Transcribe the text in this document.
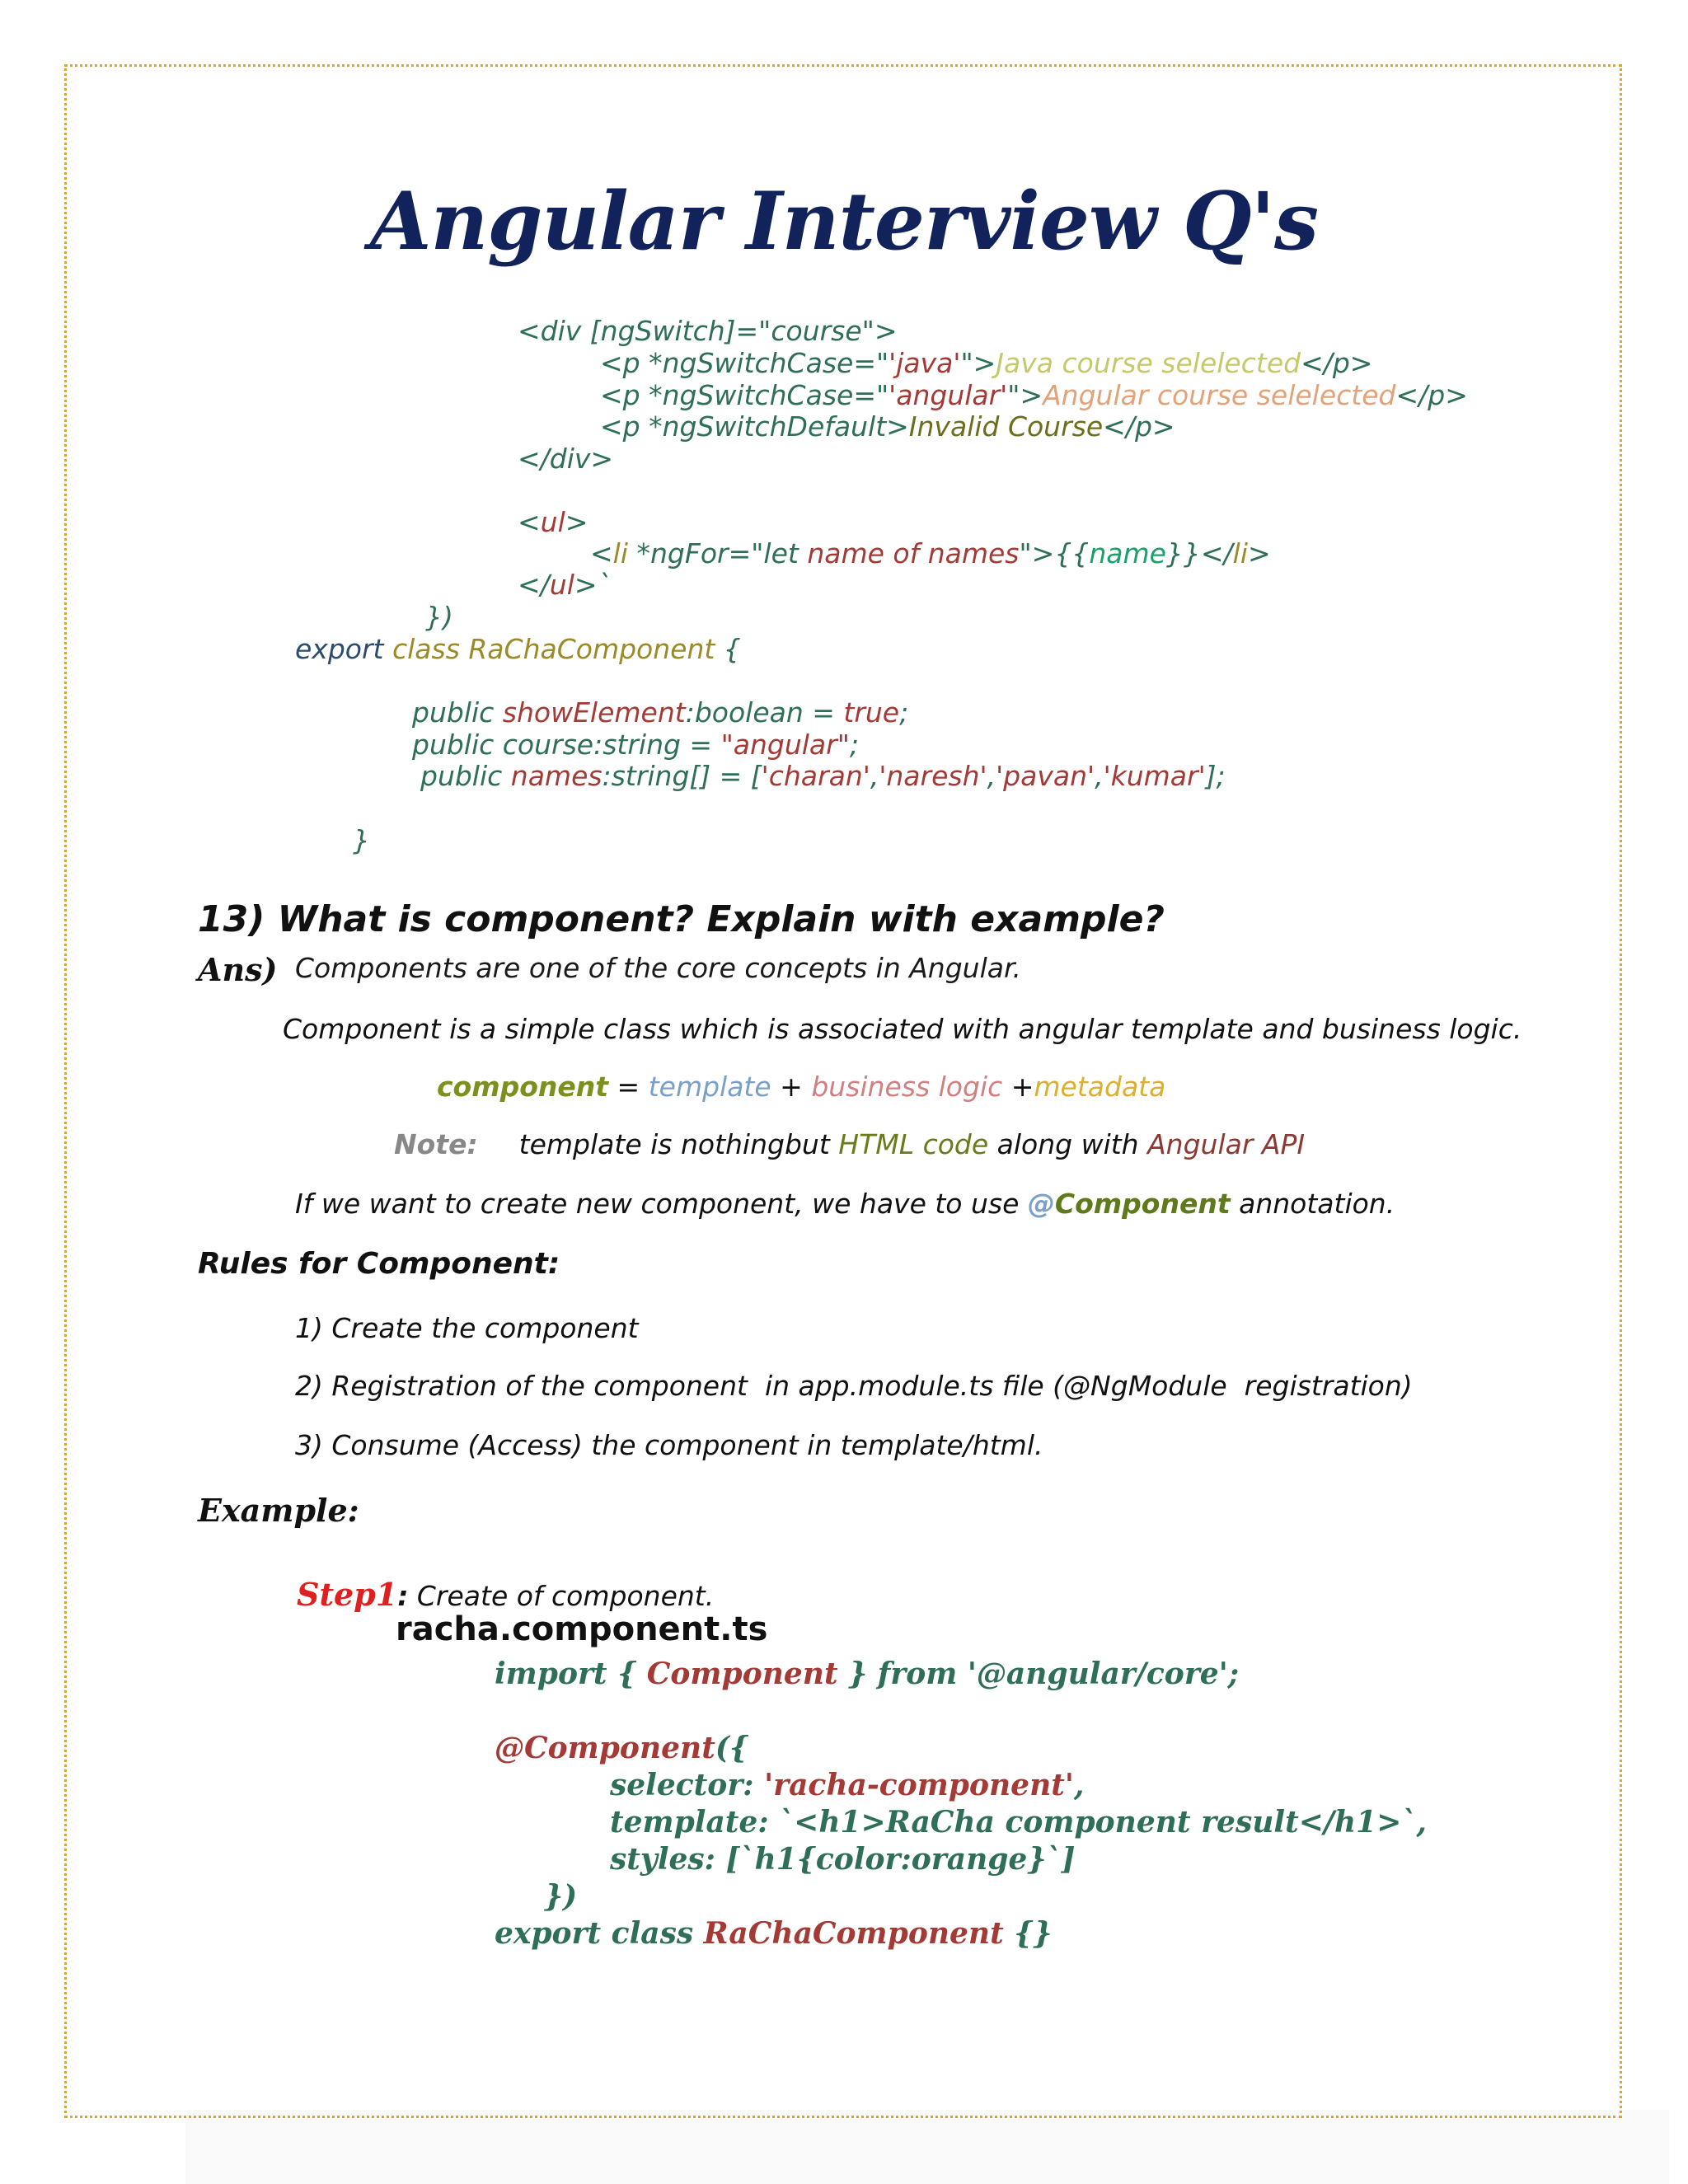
Angular Interview Q's
<div [ngSwitch]="course">
<p *ngSwitchCase="'java'">Java course selelected</p>
<p *ngSwitchCase="'angular'">Angular course selelected</p>
<p *ngSwitchDefault>Invalid Course</p>
</div>
<ul>
<li *ngFor="let name of names">{{name}}</li>
</ul>`
})
export class RaChaComponent {
public showElement:boolean = true;
public course:string = "angular";
public names:string[] = ['charan','naresh','pavan','kumar'];
}
13) What is component? Explain with example?
Ans) Components are one of the core concepts in Angular.
Component is a simple class which is associated with angular template and business logic.
component = template + business logic +metadata
Note: template is nothingbut HTML code along with Angular API
If we want to create new component, we have to use @Component annotation.
Rules for Component:
1) Create the component
2) Registration of the component  in app.module.ts file (@NgModule  registration)
3) Consume (Access) the component in template/html.
Example:
Step1: Create of component.
racha.component.ts
import { Component } from '@angular/core';
@Component({
selector: 'racha-component',
template: `<h1>RaCha component result</h1>`,
styles: [`h1{color:orange}`]
})
export class RaChaComponent {}
